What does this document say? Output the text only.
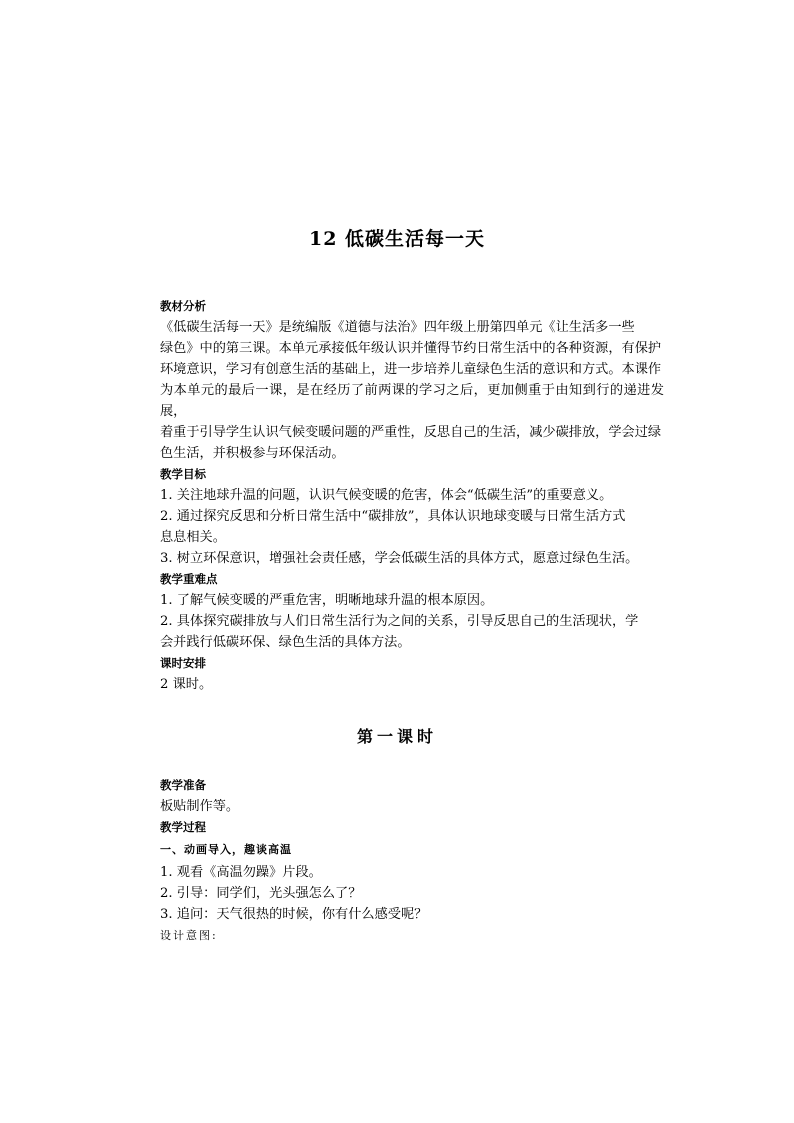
12 低碳生活每一天
教材分析
《低碳生活每一天》是统编版《道德与法治》四年级上册第四单元《让生活多一些
绿色》中的第三课。本单元承接低年级认识并懂得节约日常生活中的各种资源，有保护
环境意识，学习有创意生活的基础上，进一步培养儿童绿色生活的意识和方式。本课作
为本单元的最后一课，是在经历了前两课的学习之后，更加侧重于由知到行的递进发展，
着重于引导学生认识气候变暖问题的严重性，反思自己的生活，减少碳排放，学会过绿
色生活，并积极参与环保活动。
教学目标
1. 关注地球升温的问题，认识气候变暖的危害，体会“低碳生活”的重要意义。
2. 通过探究反思和分析日常生活中“碳排放”，具体认识地球变暖与日常生活方式
息息相关。
3. 树立环保意识，增强社会责任感，学会低碳生活的具体方式，愿意过绿色生活。
教学重难点
1. 了解气候变暖的严重危害，明晰地球升温的根本原因。
2. 具体探究碳排放与人们日常生活行为之间的关系，引导反思自己的生活现状，学
会并践行低碳环保、绿色生活的具体方法。
课时安排
2 课时。
第一课时
教学准备
板贴制作等。
教学过程
一、动画导入，趣谈高温
1. 观看《高温勿躁》片段。
2. 引导：同学们，光头强怎么了？
3. 追问：天气很热的时候，你有什么感受呢？
设计意图:
